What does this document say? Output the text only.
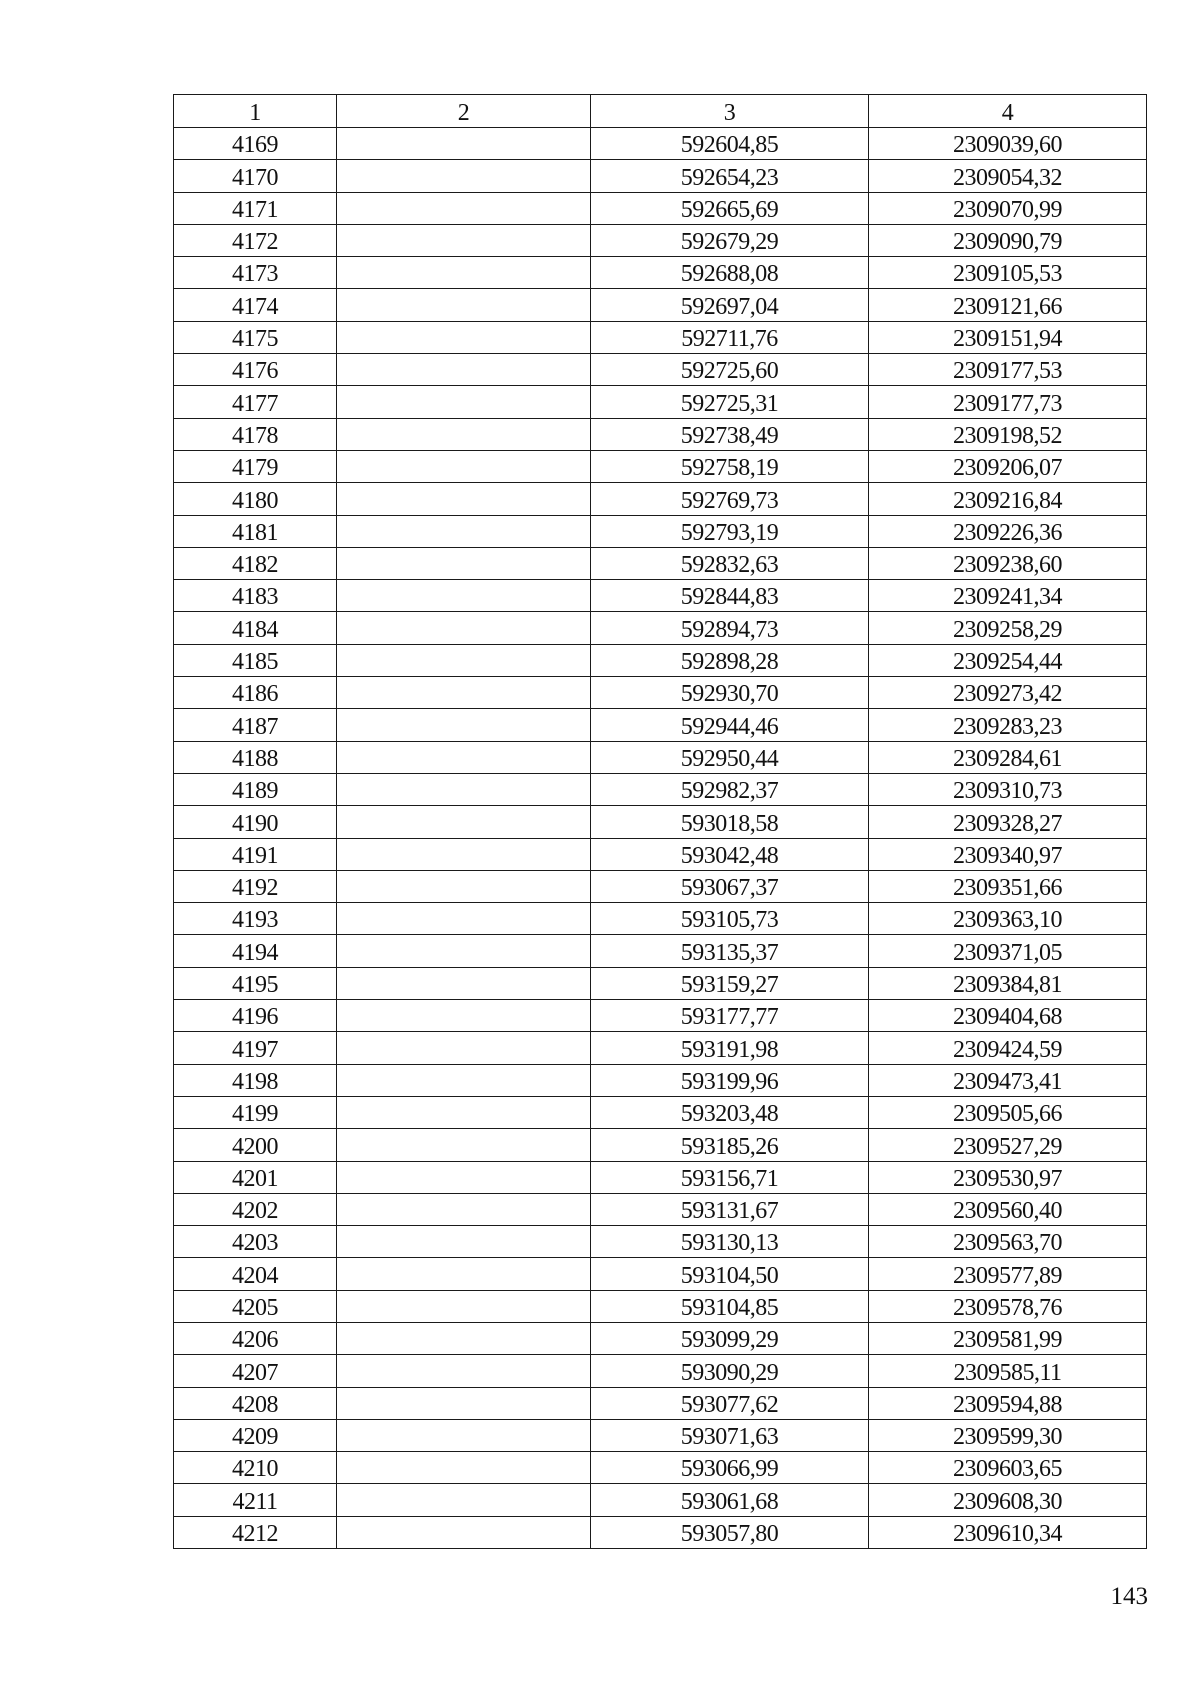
1	2	3	4
4169		592604,85	2309039,60
4170		592654,23	2309054,32
4171		592665,69	2309070,99
4172		592679,29	2309090,79
4173		592688,08	2309105,53
4174		592697,04	2309121,66
4175		592711,76	2309151,94
4176		592725,60	2309177,53
4177		592725,31	2309177,73
4178		592738,49	2309198,52
4179		592758,19	2309206,07
4180		592769,73	2309216,84
4181		592793,19	2309226,36
4182		592832,63	2309238,60
4183		592844,83	2309241,34
4184		592894,73	2309258,29
4185		592898,28	2309254,44
4186		592930,70	2309273,42
4187		592944,46	2309283,23
4188		592950,44	2309284,61
4189		592982,37	2309310,73
4190		593018,58	2309328,27
4191		593042,48	2309340,97
4192		593067,37	2309351,66
4193		593105,73	2309363,10
4194		593135,37	2309371,05
4195		593159,27	2309384,81
4196		593177,77	2309404,68
4197		593191,98	2309424,59
4198		593199,96	2309473,41
4199		593203,48	2309505,66
4200		593185,26	2309527,29
4201		593156,71	2309530,97
4202		593131,67	2309560,40
4203		593130,13	2309563,70
4204		593104,50	2309577,89
4205		593104,85	2309578,76
4206		593099,29	2309581,99
4207		593090,29	2309585,11
4208		593077,62	2309594,88
4209		593071,63	2309599,30
4210		593066,99	2309603,65
4211		593061,68	2309608,30
4212		593057,80	2309610,34
143
